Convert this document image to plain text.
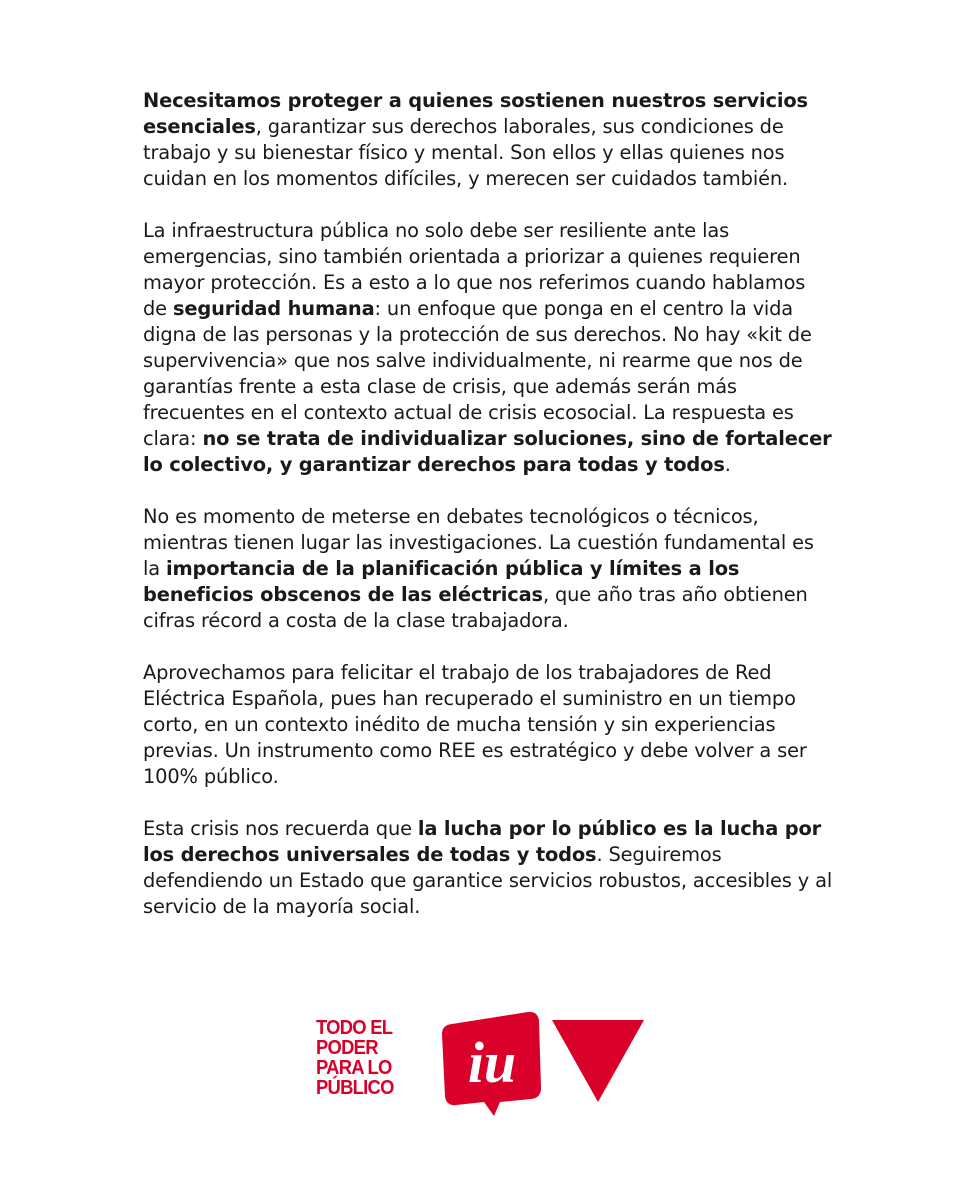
Necesitamos proteger a quienes sostienen nuestros servicios esenciales, garantizar sus derechos laborales, sus condiciones de trabajo y su bienestar físico y mental. Son ellos y ellas quienes nos cuidan en los momentos difíciles, y merecen ser cuidados también.

La infraestructura pública no solo debe ser resiliente ante las emergencias, sino también orientada a priorizar a quienes requieren mayor protección. Es a esto a lo que nos referimos cuando hablamos de seguridad humana: un enfoque que ponga en el centro la vida digna de las personas y la protección de sus derechos. No hay «kit de supervivencia» que nos salve individualmente, ni rearme que nos de garantías frente a esta clase de crisis, que además serán más frecuentes en el contexto actual de crisis ecosocial. La respuesta es clara: no se trata de individualizar soluciones, sino de fortalecer lo colectivo, y garantizar derechos para todas y todos.

No es momento de meterse en debates tecnológicos o técnicos, mientras tienen lugar las investigaciones. La cuestión fundamental es la importancia de la planificación pública y límites a los beneficios obscenos de las eléctricas, que año tras año obtienen cifras récord a costa de la clase trabajadora.

Aprovechamos para felicitar el trabajo de los trabajadores de Red Eléctrica Española, pues han recuperado el suministro en un tiempo corto, en un contexto inédito de mucha tensión y sin experiencias previas. Un instrumento como REE es estratégico y debe volver a ser 100% público.

Esta crisis nos recuerda que la lucha por lo público es la lucha por los derechos universales de todas y todos. Seguiremos defendiendo un Estado que garantice servicios robustos, accesibles y al servicio de la mayoría social.

TODO EL
PODER
PARA LO
PÚBLICO	iu
